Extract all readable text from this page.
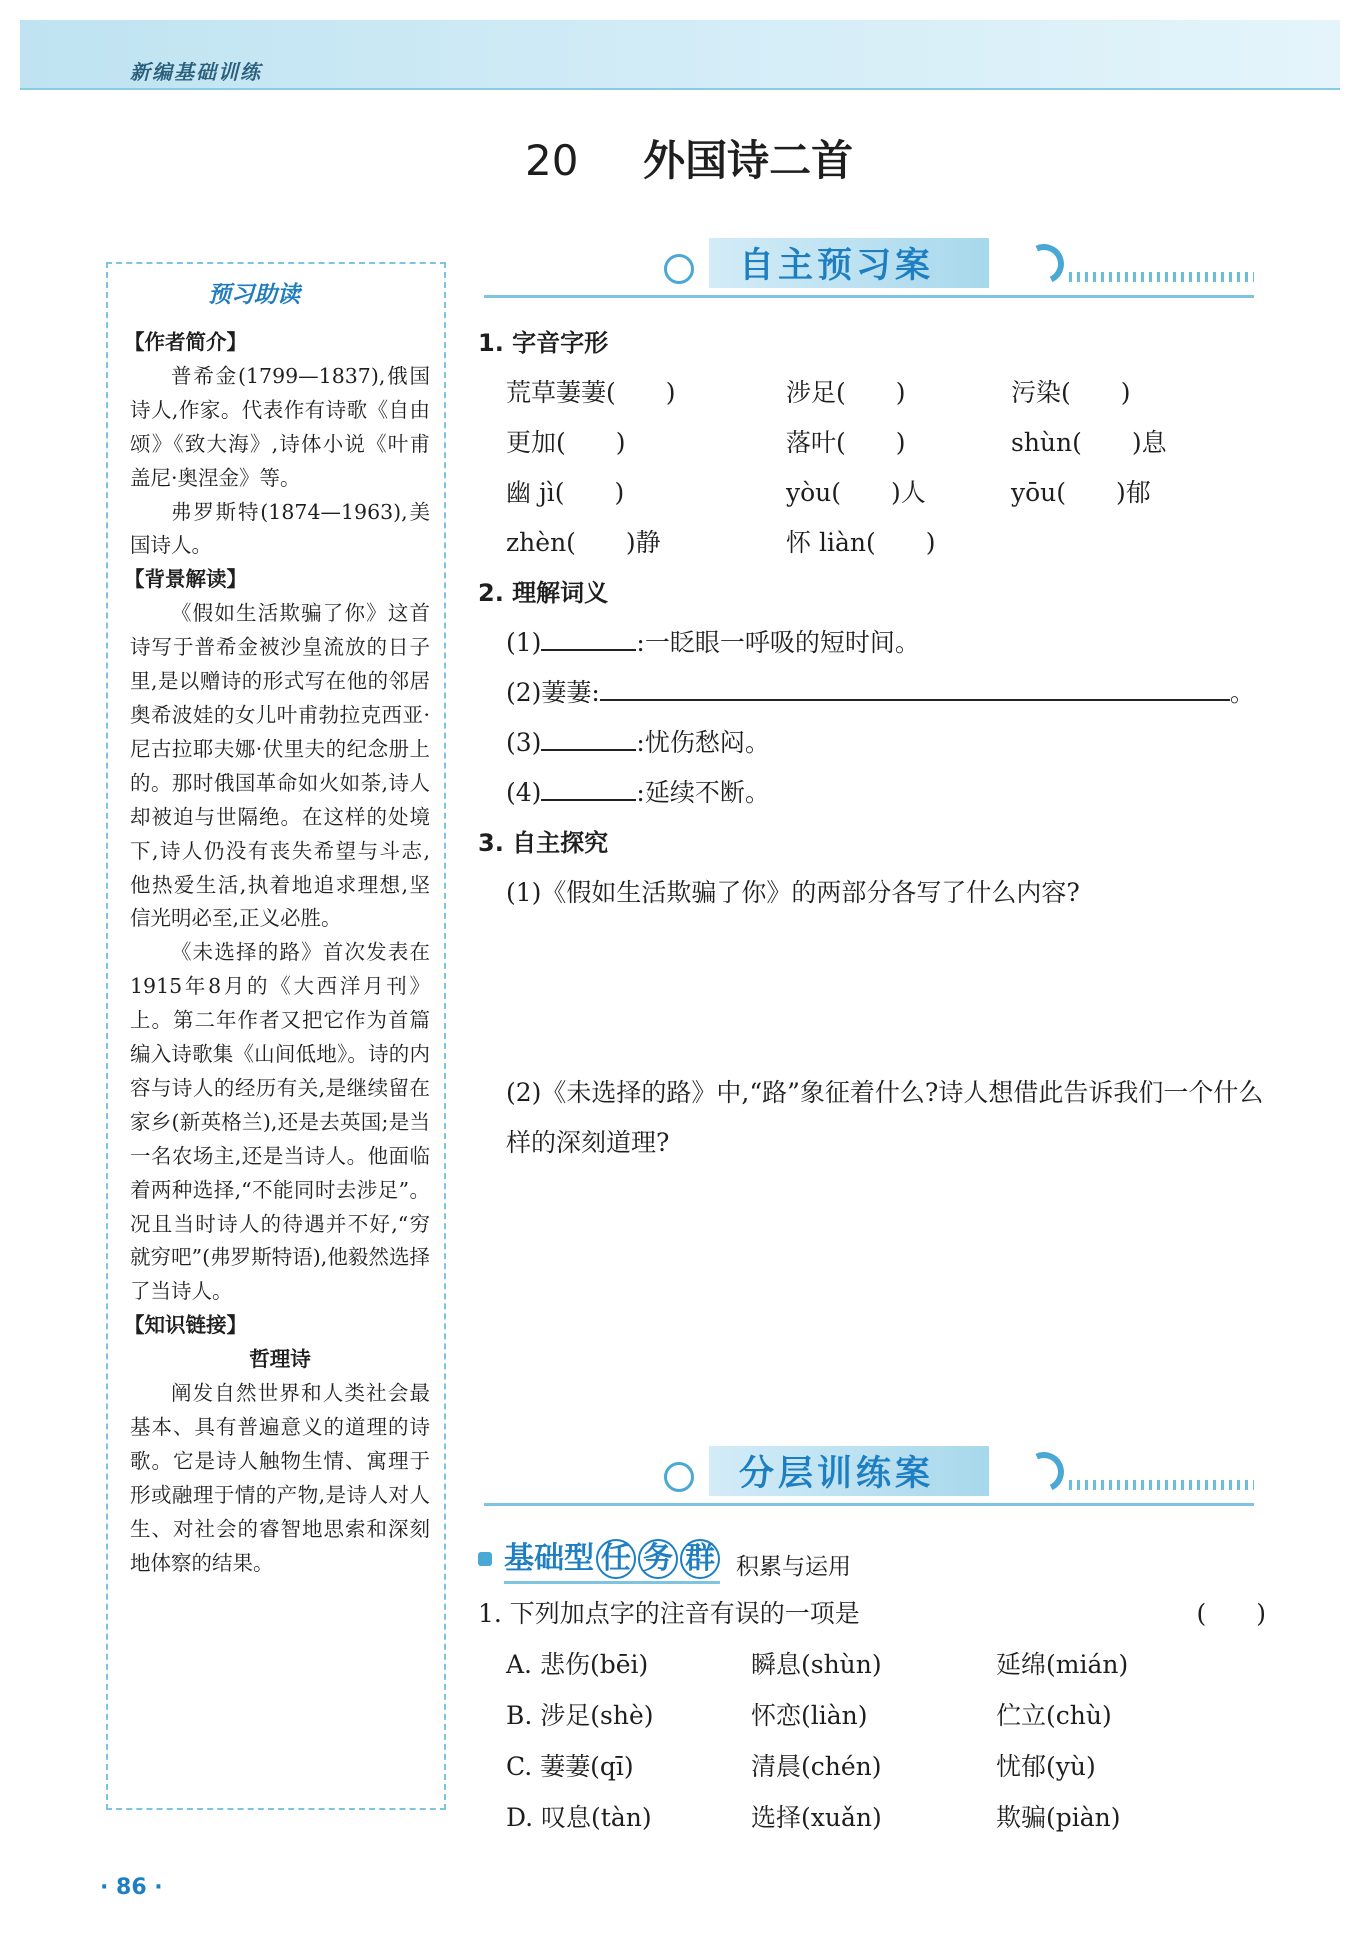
新编基础训练
20 外国诗二首
预习助读
【作者简介】
普希金(1799—1837),俄国诗人,作家。代表作有诗歌《自由颂》《致大海》,诗体小说《叶甫盖尼·奥涅金》等。
弗罗斯特(1874—1963),美国诗人。
【背景解读】
《假如生活欺骗了你》这首诗写于普希金被沙皇流放的日子里,是以赠诗的形式写在他的邻居奥希波娃的女儿叶甫勃拉克西亚·尼古拉耶夫娜·伏里夫的纪念册上的。那时俄国革命如火如荼,诗人却被迫与世隔绝。在这样的处境下,诗人仍没有丧失希望与斗志,他热爱生活,执着地追求理想,坚信光明必至,正义必胜。
《未选择的路》首次发表在1915年8月的《大西洋月刊》上。第二年作者又把它作为首篇编入诗歌集《山间低地》。诗的内容与诗人的经历有关,是继续留在家乡(新英格兰),还是去英国;是当一名农场主,还是当诗人。他面临着两种选择,“不能同时去涉足”。况且当时诗人的待遇并不好,“穷就穷吧”(弗罗斯特语),他毅然选择了当诗人。
【知识链接】
哲理诗
阐发自然世界和人类社会最基本、具有普遍意义的道理的诗歌。它是诗人触物生情、寓理于形或融理于情的产物,是诗人对人生、对社会的睿智地思索和深刻地体察的结果。
自主预习案
1. 字音字形
荒草萋萋(　　)	涉足(　　)	污染(　　)
更加(　　)	落叶(　　)	shùn(　　)息
幽 jì(　　)	yòu(　　)人	yōu(　　)郁
zhèn(　　)静	怀 liàn(　　)
2. 理解词义
(1)	:一眨眼一呼吸的短时间。
(2)萋萋:	。
(3)	:忧伤愁闷。
(4)	:延续不断。
3. 自主探究
(1)《假如生活欺骗了你》的两部分各写了什么内容?
(2)《未选择的路》中,“路”象征着什么?诗人想借此告诉我们一个什么样的深刻道理?
分层训练案
基础型 任 务 群 积累与运用
1. 下列加点字的注音有误的一项是	(　　)
A. 悲伤(bēi)	瞬息(shùn)	延绵(mián)
B. 涉足(shè)	怀恋(liàn)	伫立(chù)
C. 萋萋(qī)	清晨(chén)	忧郁(yù)
D. 叹息(tàn)	选择(xuǎn)	欺骗(piàn)
· 86 ·
